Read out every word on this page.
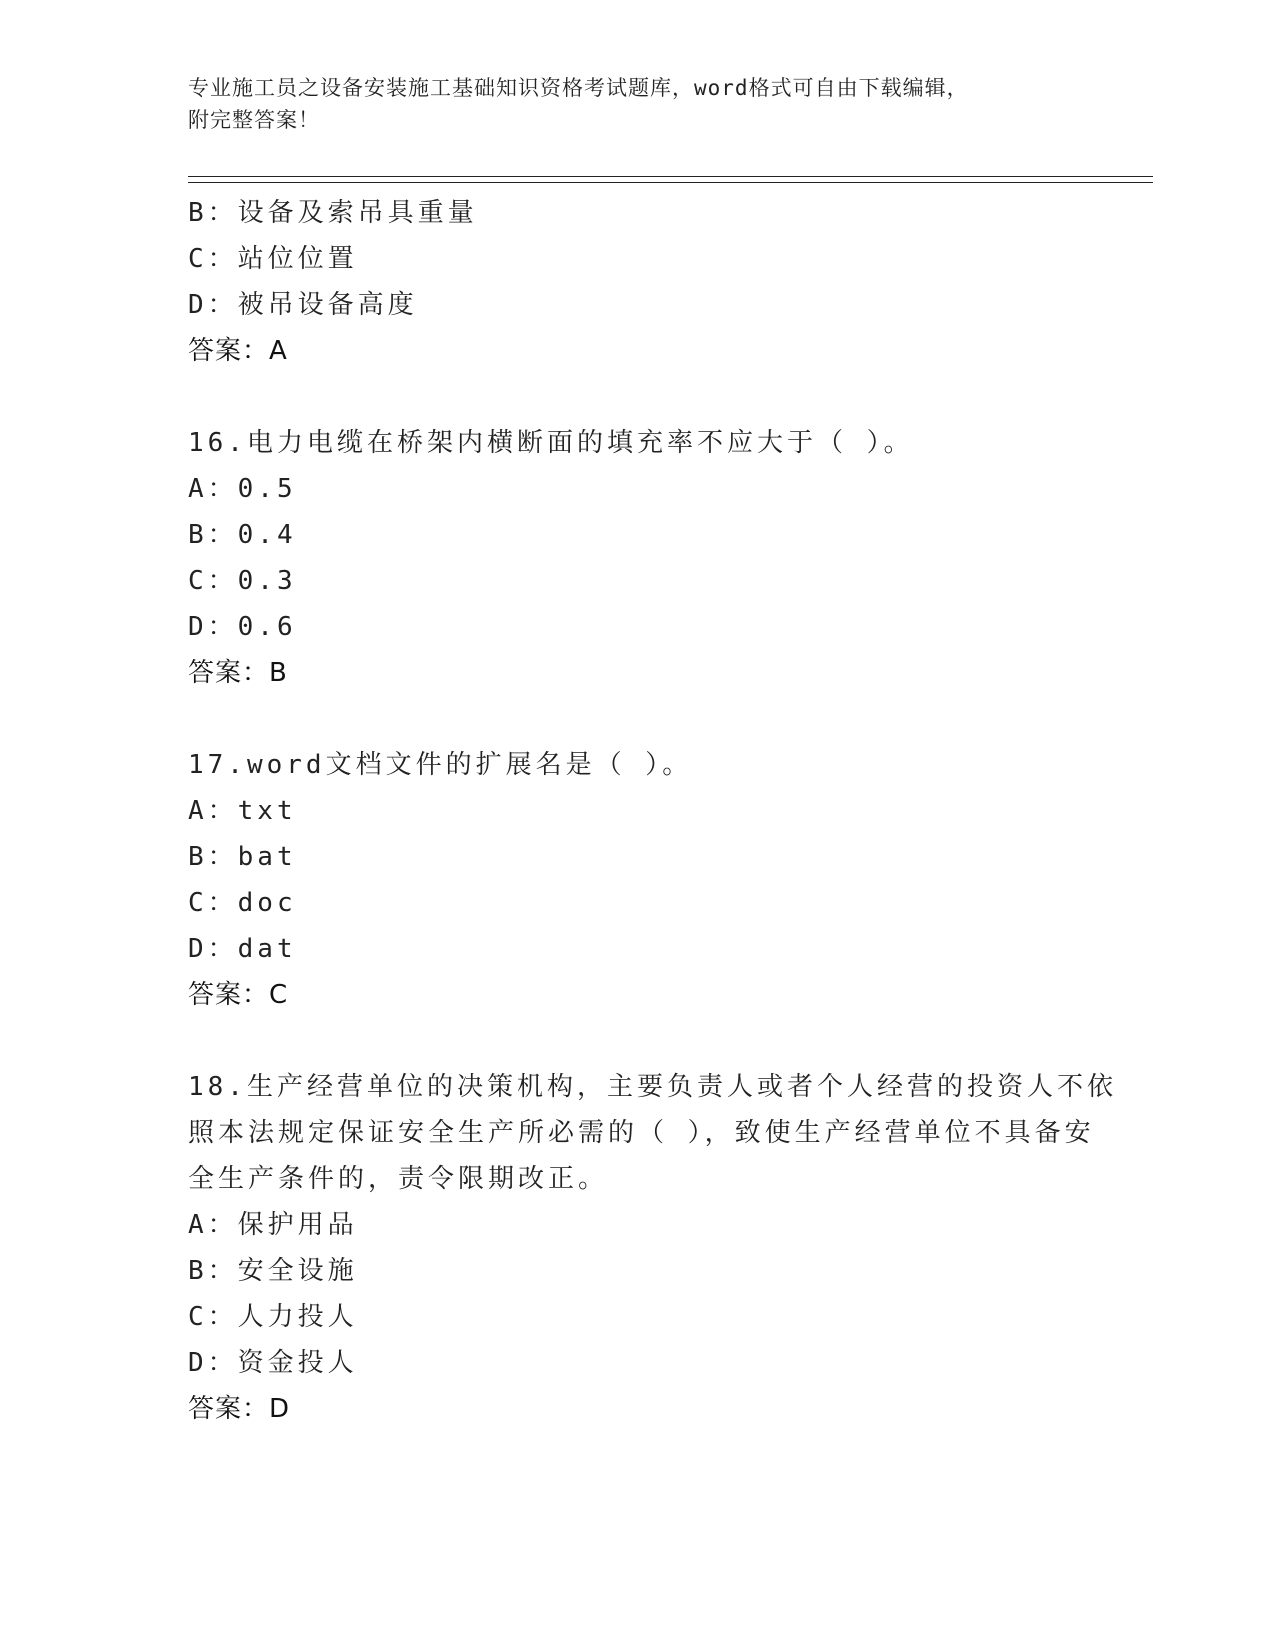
专业施工员之设备安装施工基础知识资格考试题库，word格式可自由下载编辑，
附完整答案！
B：设备及索吊具重量
C：站位位置
D：被吊设备高度
答案：A
16.电力电缆在桥架内横断面的填充率不应大于（ ）。
A：0.5
B：0.4
C：0.3
D：0.6
答案：B
17.word文档文件的扩展名是（ ）。
A：txt
B：bat
C：doc
D：dat
答案：C
18.生产经营单位的决策机构，主要负责人或者个人经营的投资人不依
照本法规定保证安全生产所必需的（ ），致使生产经营单位不具备安
全生产条件的，责令限期改正。
A：保护用品
B：安全设施
C：人力投人
D：资金投人
答案：D
